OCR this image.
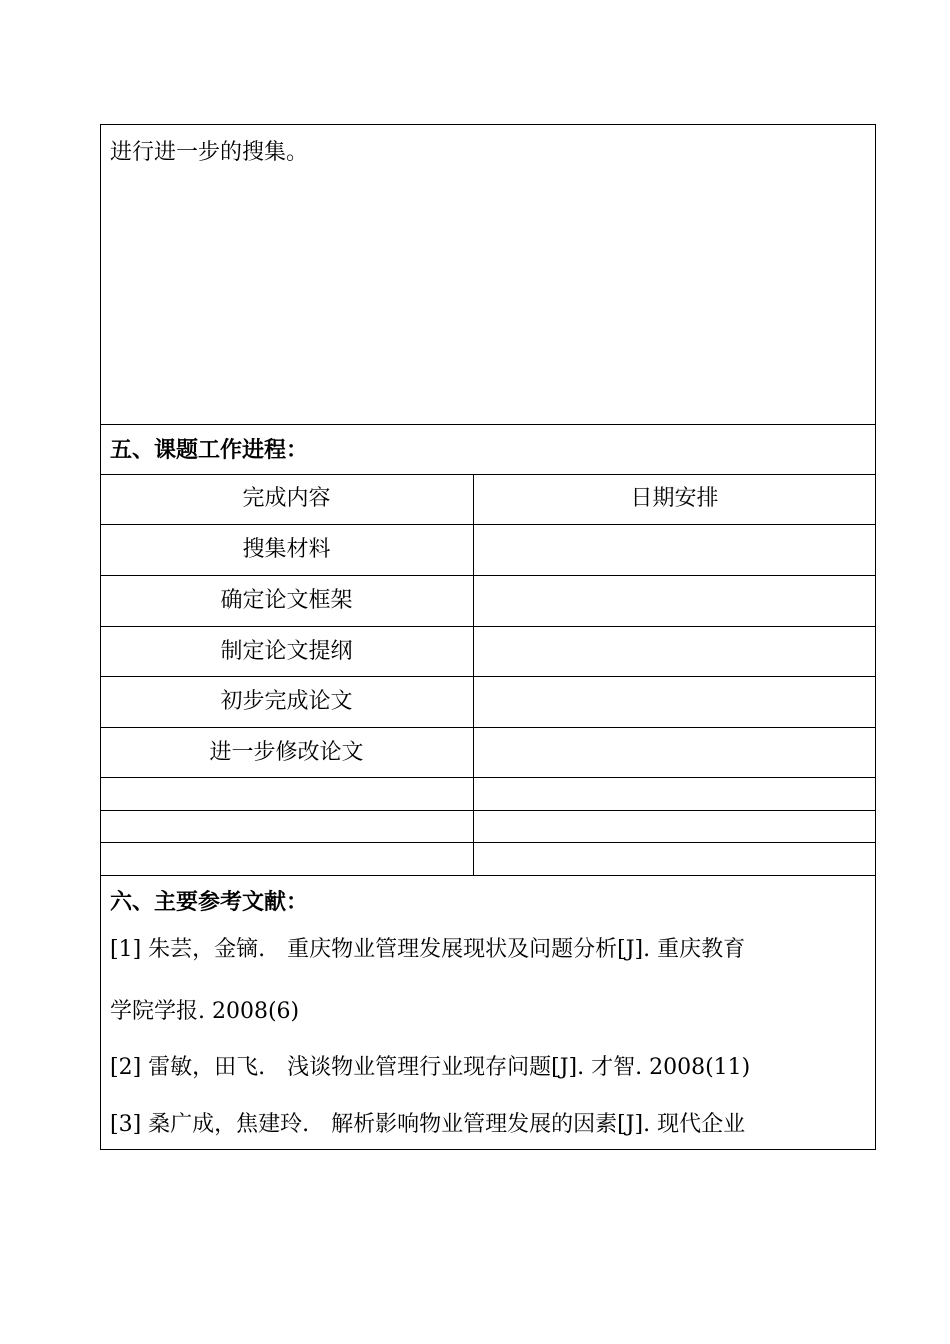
进行进一步的搜集。
五、课题工作进程：
完成内容	日期安排
搜集材料
确定论文框架
制定论文提纲
初步完成论文
进一步修改论文
六、主要参考文献：
[1] 朱芸，金镝.　重庆物业管理发展现状及问题分析[J]. 重庆教育
学院学报. 2008(6)
[2] 雷敏，田飞.　浅谈物业管理行业现存问题[J]. 才智. 2008(11)
[3] 桑广成，焦建玲.　解析影响物业管理发展的因素[J]. 现代企业
